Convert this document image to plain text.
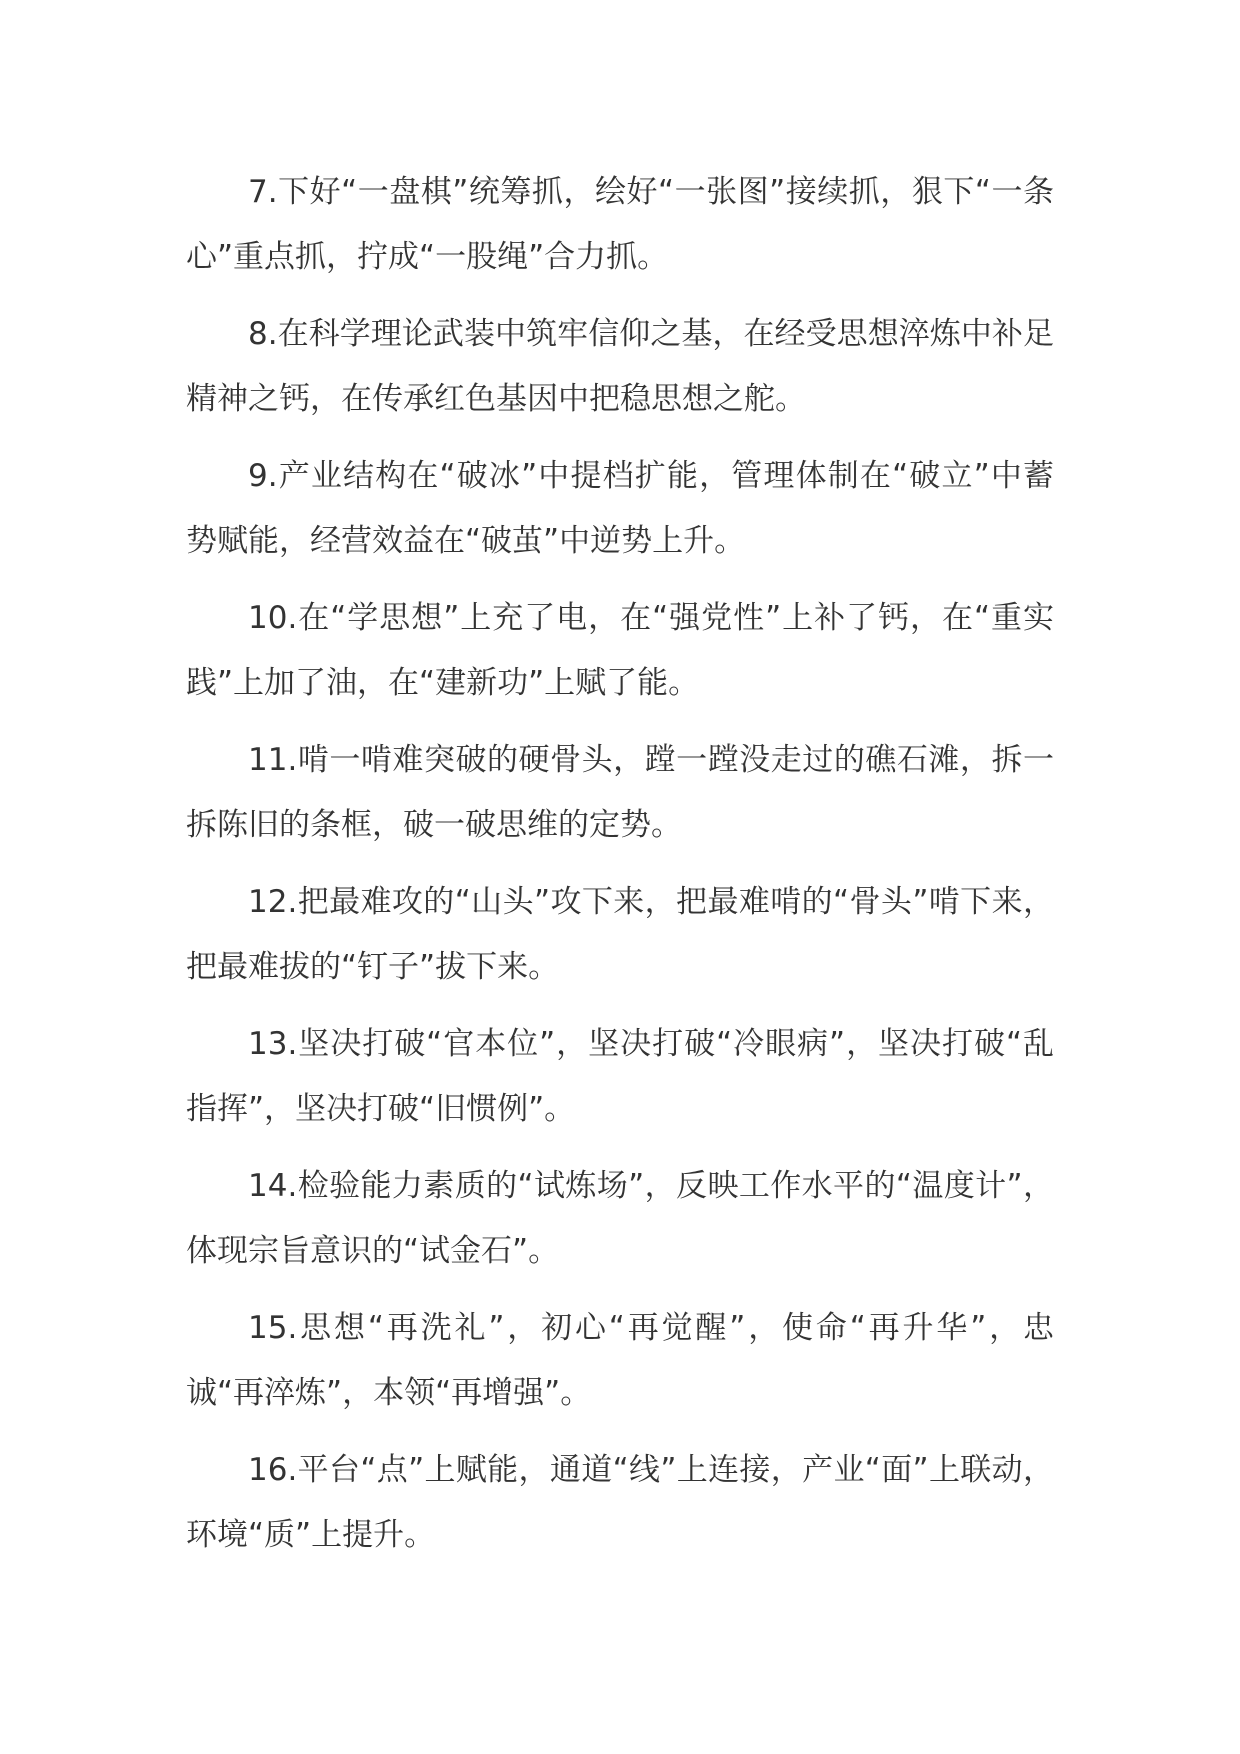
7.下好“一盘棋”统筹抓，绘好“一张图”接续抓，狠下“一条心”重点抓，拧成“一股绳”合力抓。

8.在科学理论武装中筑牢信仰之基，在经受思想淬炼中补足精神之钙，在传承红色基因中把稳思想之舵。

9.产业结构在“破冰”中提档扩能，管理体制在“破立”中蓄势赋能，经营效益在“破茧”中逆势上升。

10.在“学思想”上充了电，在“强党性”上补了钙，在“重实践”上加了油，在“建新功”上赋了能。

11.啃一啃难突破的硬骨头，蹚一蹚没走过的礁石滩，拆一拆陈旧的条框，破一破思维的定势。

12.把最难攻的“山头”攻下来，把最难啃的“骨头”啃下来，把最难拔的“钉子”拔下来。

13.坚决打破“官本位”，坚决打破“冷眼病”，坚决打破“乱指挥”，坚决打破“旧惯例”。

14.检验能力素质的“试炼场”，反映工作水平的“温度计”，体现宗旨意识的“试金石”。

15.思想“再洗礼”，初心“再觉醒”，使命“再升华”，忠诚“再淬炼”，本领“再增强”。

16.平台“点”上赋能，通道“线”上连接，产业“面”上联动，环境“质”上提升。
